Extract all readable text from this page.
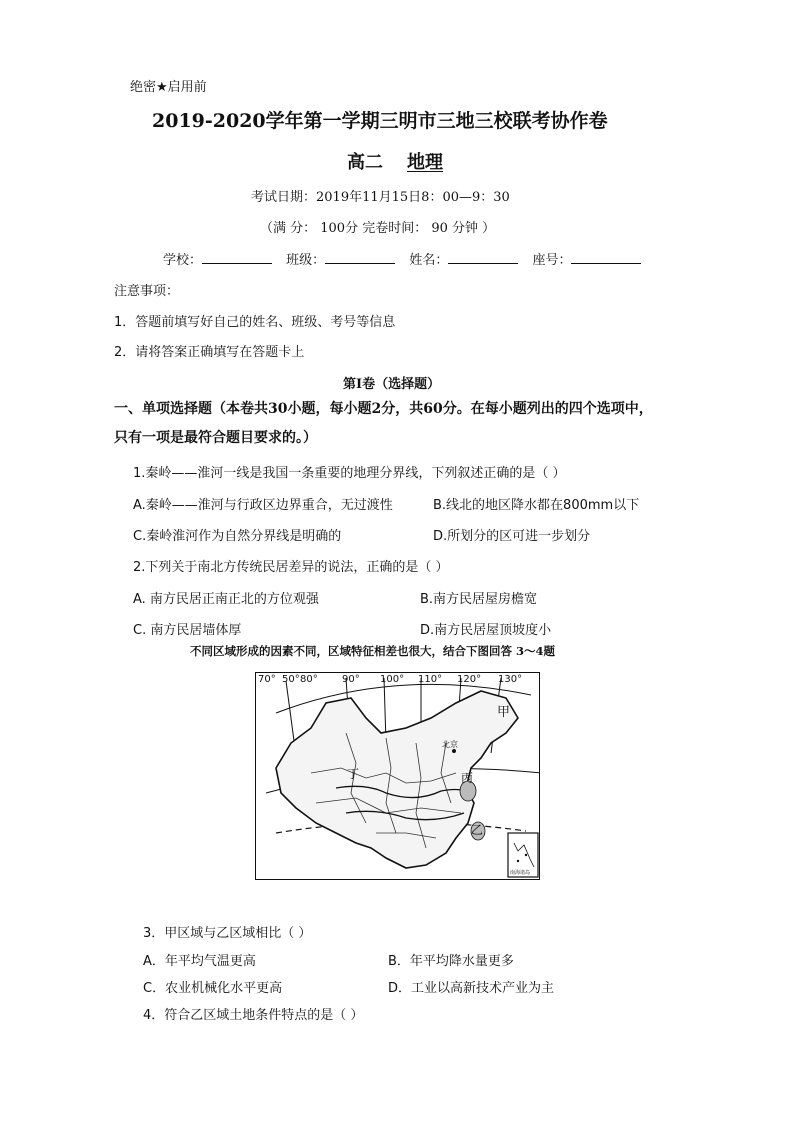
绝密★启用前
2019-2020学年第一学期三明市三地三校联考协作卷
高二 地理
考试日期：2019年11月15日8：00—9：30
（满 分： 100分 完卷时间： 90 分钟 ）
学校：	班级：	姓名：	座号：
注意事项：
1．答题前填写好自己的姓名、班级、考号等信息
2．请将答案正确填写在答题卡上
第I卷（选择题）
一、单项选择题（本卷共30小题，每小题2分，共60分。在每小题列出的四个选项中，
只有一项是最符合题目要求的。）
1.秦岭——淮河一线是我国一条重要的地理分界线，下列叙述正确的是（ ）
A.秦岭——淮河与行政区边界重合，无过渡性	B.线北的地区降水都在800mm以下
C.秦岭淮河作为自然分界线是明确的	D.所划分的区可进一步划分
2.下列关于南北方传统民居差异的说法，正确的是（ ）
A. 南方民居正南正北的方位观强	B.南方民居屋房檐宽
C. 南方民居墙体厚	D.南方民居屋顶坡度小
不同区域形成的因素不同，区域特征相差也很大，结合下图回答 3～4题
70° 50° 80° 90° 100° 110° 120° 130°
甲
丁	丙
乙
北京
南海诸岛
3．甲区域与乙区域相比（ ）
A．年平均气温更高	B．年平均降水量更多
C．农业机械化水平更高	D．工业以高新技术产业为主
4．符合乙区域土地条件特点的是（ ）
